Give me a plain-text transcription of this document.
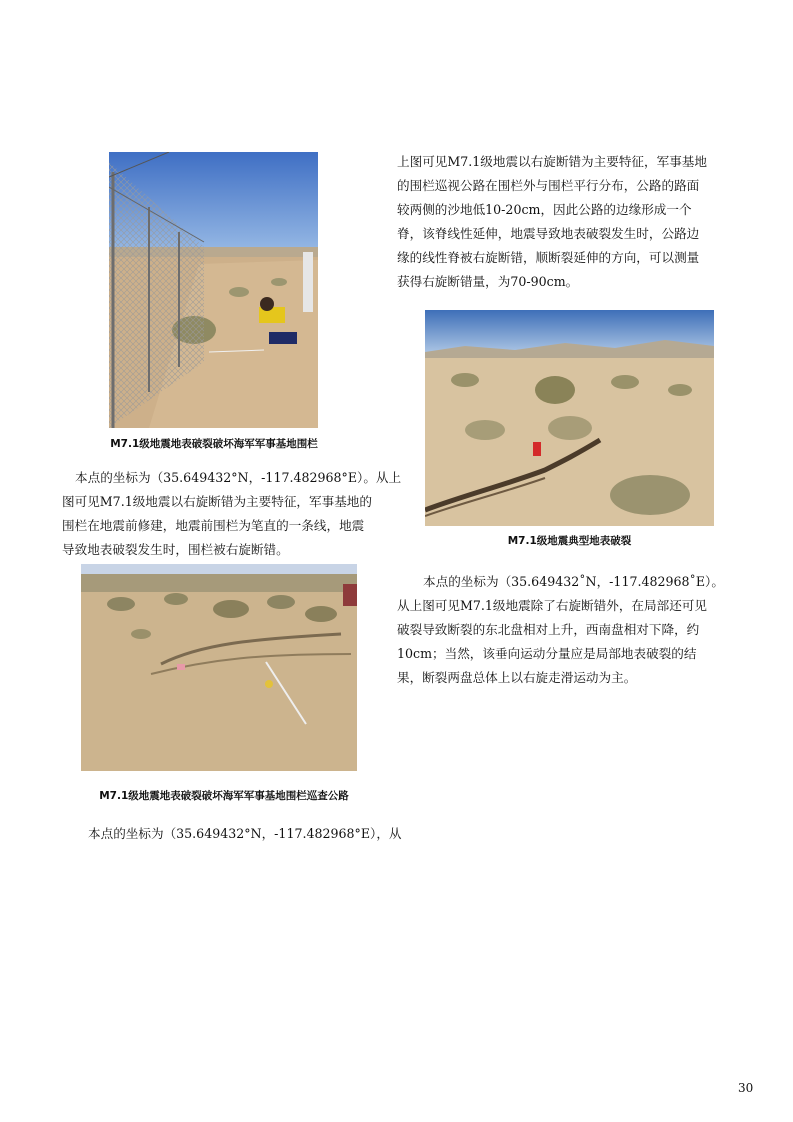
M7.1级地震地表破裂破坏海军军事基地围栏
本点的坐标为（35.649432°N，-117.482968°E）。从上
图可见M7.1级地震以右旋断错为主要特征，军事基地的
围栏在地震前修建，地震前围栏为笔直的一条线，地震
导致地表破裂发生时，围栏被右旋断错。
M7.1级地震地表破裂破坏海军军事基地围栏巡查公路
本点的坐标为（35.649432°N，-117.482968°E），从
上图可见M7.1级地震以右旋断错为主要特征，军事基地
的围栏巡视公路在围栏外与围栏平行分布，公路的路面
较两侧的沙地低10-20cm，因此公路的边缘形成一个
脊，该脊线性延伸，地震导致地表破裂发生时，公路边
缘的线性脊被右旋断错，顺断裂延伸的方向，可以测量
获得右旋断错量，为70-90cm。
M7.1级地震典型地表破裂
本点的坐标为（35.649432˚N，-117.482968˚E）。
从上图可见M7.1级地震除了右旋断错外，在局部还可见
破裂导致断裂的东北盘相对上升，西南盘相对下降，约
10cm；当然，该垂向运动分量应是局部地表破裂的结
果，断裂两盘总体上以右旋走滑运动为主。
30
